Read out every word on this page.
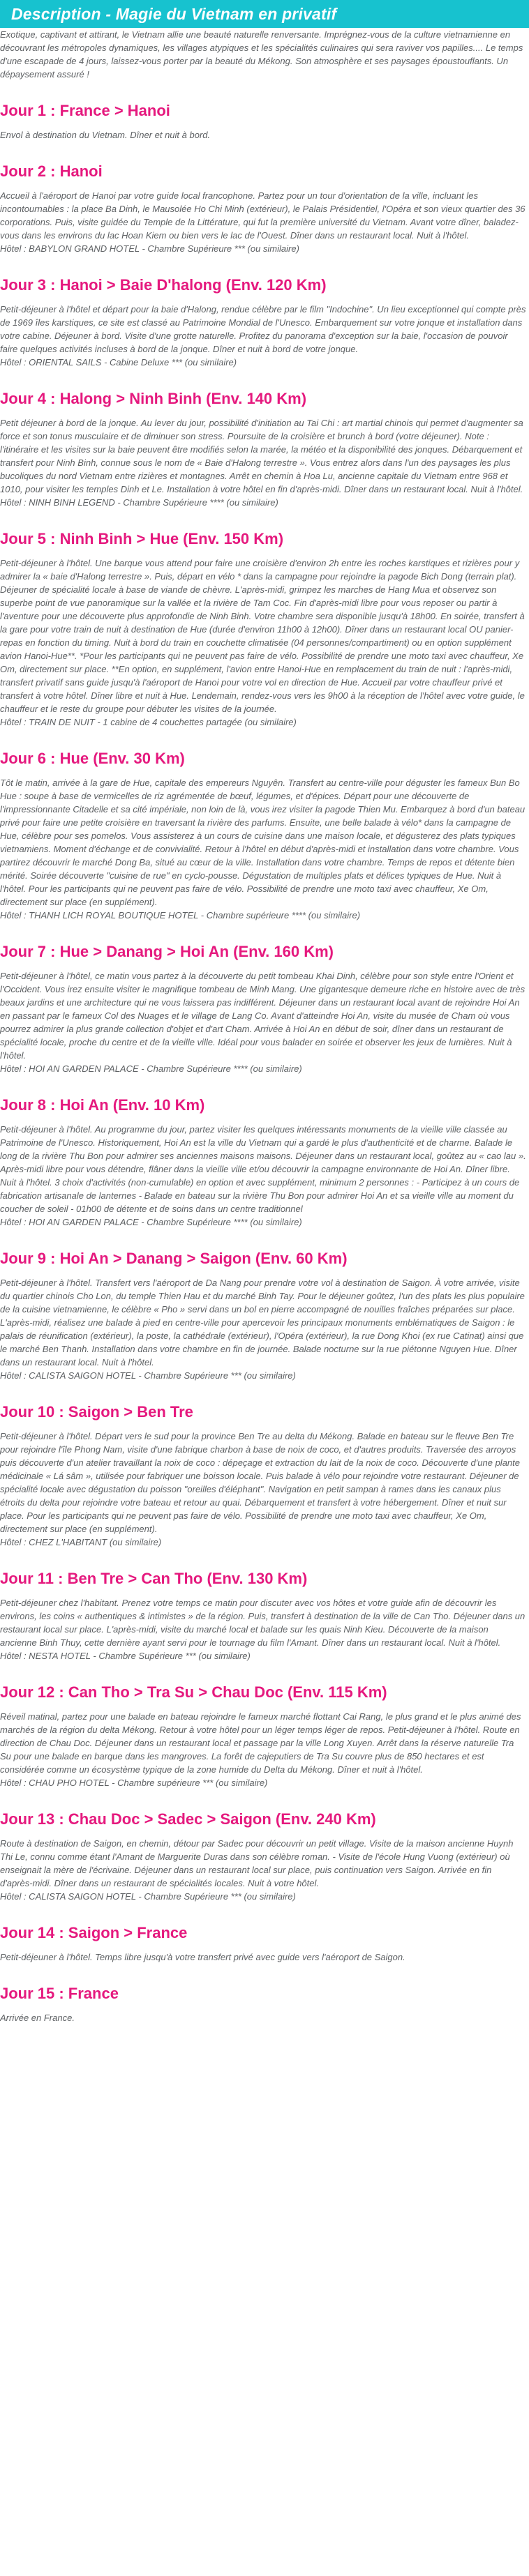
Description - Magie du Vietnam en privatif

Exotique, captivant et attirant, le Vietnam allie une beauté naturelle renversante. Imprégnez-vous de la culture vietnamienne en découvrant les métropoles dynamiques, les villages atypiques et les spécialités culinaires qui sera raviver vos papilles.... Le temps d'une escapade de 4 jours, laissez-vous porter par la beauté du Mékong. Son atmosphère et ses paysages époustouflants. Un dépaysement assuré !

Jour 1 : France > Hanoi

Envol à destination du Vietnam. Dîner et nuit à bord.

Jour 2 : Hanoi

Accueil à l'aéroport de Hanoi par votre guide local francophone. Partez pour un tour d'orientation de la ville, incluant les incontournables : la place Ba Dinh, le Mausolée Ho Chi Minh (extérieur), le Palais Présidentiel, l'Opéra et son vieux quartier des 36 corporations. Puis, visite guidée du Temple de la Littérature, qui fut la première université du Vietnam. Avant votre dîner, baladez-vous dans les environs du lac Hoan Kiem ou bien vers le lac de l'Ouest. Dîner dans un restaurant local. Nuit à l'hôtel.
Hôtel : BABYLON GRAND HOTEL - Chambre Supérieure *** (ou similaire)

Jour 3 : Hanoi > Baie D'halong (Env. 120 Km)

Petit-déjeuner à l'hôtel et départ pour la baie d'Halong, rendue célèbre par le film "Indochine". Un lieu exceptionnel qui compte près de 1969 îles karstiques, ce site est classé au Patrimoine Mondial de l'Unesco. Embarquement sur votre jonque et installation dans votre cabine. Déjeuner à bord. Visite d'une grotte naturelle. Profitez du panorama d'exception sur la baie, l'occasion de pouvoir faire quelques activités incluses à bord de la jonque. Dîner et nuit à bord de votre jonque.
Hôtel : ORIENTAL SAILS - Cabine Deluxe *** (ou similaire)

Jour 4 : Halong > Ninh Binh (Env. 140 Km)

Petit déjeuner à bord de la jonque. Au lever du jour, possibilité d'initiation au Tai Chi : art martial chinois qui permet d'augmenter sa force et son tonus musculaire et de diminuer son stress. Poursuite de la croisière et brunch à bord (votre déjeuner). Note : l'itinéraire et les visites sur la baie peuvent être modifiés selon la marée, la météo et la disponibilité des jonques. Débarquement et transfert pour Ninh Binh, connue sous le nom de « Baie d'Halong terrestre ». Vous entrez alors dans l'un des paysages les plus bucoliques du nord Vietnam entre rizières et montagnes. Arrêt en chemin à Hoa Lu, ancienne capitale du Vietnam entre 968 et 1010, pour visiter les temples Dinh et Le. Installation à votre hôtel en fin d'après-midi. Dîner dans un restaurant local. Nuit à l'hôtel.
Hôtel : NINH BINH LEGEND - Chambre Supérieure **** (ou similaire)

Jour 5 : Ninh Binh > Hue (Env. 150 Km)

Petit-déjeuner à l'hôtel. Une barque vous attend pour faire une croisière d'environ 2h entre les roches karstiques et rizières pour y admirer la « baie d'Halong terrestre ». Puis, départ en vélo * dans la campagne pour rejoindre la pagode Bich Dong (terrain plat). Déjeuner de spécialité locale à base de viande de chèvre. L'après-midi, grimpez les marches de Hang Mua et observez son superbe point de vue panoramique sur la vallée et la rivière de Tam Coc. Fin d'après-midi libre pour vous reposer ou partir à l'aventure pour une découverte plus approfondie de Ninh Binh. Votre chambre sera disponible jusqu'à 18h00. En soirée, transfert à la gare pour votre train de nuit à destination de Hue (durée d'environ 11h00 à 12h00). Dîner dans un restaurant local OU panier-repas en fonction du timing. Nuit à bord du train en couchette climatisée (04 personnes/compartiment) ou en option supplément avion Hanoi-Hue**. *Pour les participants qui ne peuvent pas faire de vélo. Possibilité de prendre une moto taxi avec chauffeur, Xe Om, directement sur place. **En option, en supplément, l'avion entre Hanoi-Hue en remplacement du train de nuit : l'après-midi, transfert privatif sans guide jusqu'à l'aéroport de Hanoi pour votre vol en direction de Hue. Accueil par votre chauffeur privé et transfert à votre hôtel. Dîner libre et nuit à Hue. Lendemain, rendez-vous vers les 9h00 à la réception de l'hôtel avec votre guide, le chauffeur et le reste du groupe pour débuter les visites de la journée.
Hôtel : TRAIN DE NUIT - 1 cabine de 4 couchettes partagée (ou similaire)

Jour 6 : Hue (Env. 30 Km)

Tôt le matin, arrivée à la gare de Hue, capitale des empereurs Nguyên. Transfert au centre-ville pour déguster les fameux Bun Bo Hue : soupe à base de vermicelles de riz agrémentée de bœuf, légumes, et d'épices. Départ pour une découverte de l'impressionnante Citadelle et sa cité impériale, non loin de là, vous irez visiter la pagode Thien Mu. Embarquez à bord d'un bateau privé pour faire une petite croisière en traversant la rivière des parfums. Ensuite, une belle balade à vélo* dans la campagne de Hue, célèbre pour ses pomelos. Vous assisterez à un cours de cuisine dans une maison locale, et dégusterez des plats typiques vietnamiens. Moment d'échange et de convivialité. Retour à l'hôtel en début d'après-midi et installation dans votre chambre. Vous partirez découvrir le marché Dong Ba, situé au cœur de la ville. Installation dans votre chambre. Temps de repos et détente bien mérité. Soirée découverte "cuisine de rue" en cyclo-pousse. Dégustation de multiples plats et délices typiques de Hue. Nuit à l'hôtel. Pour les participants qui ne peuvent pas faire de vélo. Possibilité de prendre une moto taxi avec chauffeur, Xe Om, directement sur place (en supplément).
Hôtel : THANH LICH ROYAL BOUTIQUE HOTEL - Chambre supérieure **** (ou similaire)

Jour 7 : Hue > Danang > Hoi An (Env. 160 Km)

Petit-déjeuner à l'hôtel, ce matin vous partez à la découverte du petit tombeau Khai Dinh, célèbre pour son style entre l'Orient et l'Occident. Vous irez ensuite visiter le magnifique tombeau de Minh Mang. Une gigantesque demeure riche en histoire avec de très beaux jardins et une architecture qui ne vous laissera pas indifférent. Déjeuner dans un restaurant local avant de rejoindre Hoi An en passant par le fameux Col des Nuages et le village de Lang Co. Avant d'atteindre Hoi An, visite du musée de Cham où vous pourrez admirer la plus grande collection d'objet et d'art Cham. Arrivée à Hoi An en début de soir, dîner dans un restaurant de spécialité locale, proche du centre et de la vieille ville. Idéal pour vous balader en soirée et observer les jeux de lumières. Nuit à l'hôtel.
Hôtel : HOI AN GARDEN PALACE - Chambre Supérieure **** (ou similaire)

Jour 8 : Hoi An (Env. 10 Km)

Petit-déjeuner à l'hôtel. Au programme du jour, partez visiter les quelques intéressants monuments de la vieille ville classée au Patrimoine de l'Unesco. Historiquement, Hoi An est la ville du Vietnam qui a gardé le plus d'authenticité et de charme. Balade le long de la rivière Thu Bon pour admirer ses anciennes maisons maisons. Déjeuner dans un restaurant local, goûtez au « cao lau ». Après-midi libre pour vous détendre, flâner dans la vieille ville et/ou découvrir la campagne environnante de Hoi An. Dîner libre. Nuit à l'hôtel. 3 choix d'activités (non-cumulable) en option et avec supplément, minimum 2 personnes : - Participez à un cours de fabrication artisanale de lanternes - Balade en bateau sur la rivière Thu Bon pour admirer Hoi An et sa vieille ville au moment du coucher de soleil - 01h00 de détente et de soins dans un centre traditionnel
Hôtel : HOI AN GARDEN PALACE - Chambre Supérieure **** (ou similaire)

Jour 9 : Hoi An > Danang > Saigon (Env. 60 Km)

Petit-déjeuner à l'hôtel. Transfert vers l'aéroport de Da Nang pour prendre votre vol à destination de Saigon. À votre arrivée, visite du quartier chinois Cho Lon, du temple Thien Hau et du marché Binh Tay. Pour le déjeuner goûtez, l'un des plats les plus populaire de la cuisine vietnamienne, le célèbre « Pho » servi dans un bol en pierre accompagné de nouilles fraîches préparées sur place. L'après-midi, réalisez une balade à pied en centre-ville pour apercevoir les principaux monuments emblématiques de Saigon : le palais de réunification (extérieur), la poste, la cathédrale (extérieur), l'Opéra (extérieur), la rue Dong Khoi (ex rue Catinat) ainsi que le marché Ben Thanh. Installation dans votre chambre en fin de journée. Balade nocturne sur la rue piétonne Nguyen Hue. Dîner dans un restaurant local. Nuit à l'hôtel.
Hôtel : CALISTA SAIGON HOTEL - Chambre Supérieure *** (ou similaire)

Jour 10 : Saigon > Ben Tre

Petit-déjeuner à l'hôtel. Départ vers le sud pour la province Ben Tre au delta du Mékong. Balade en bateau sur le fleuve Ben Tre pour rejoindre l'île Phong Nam, visite d'une fabrique charbon à base de noix de coco, et d'autres produits. Traversée des arroyos puis découverte d'un atelier travaillant la noix de coco : dépeçage et extraction du lait de la noix de coco. Découverte d'une plante médicinale « Lá sâm », utilisée pour fabriquer une boisson locale. Puis balade à vélo pour rejoindre votre restaurant. Déjeuner de spécialité locale avec dégustation du poisson "oreilles d'éléphant". Navigation en petit sampan à rames dans les canaux plus étroits du delta pour rejoindre votre bateau et retour au quai. Débarquement et transfert à votre hébergement. Dîner et nuit sur place. Pour les participants qui ne peuvent pas faire de vélo. Possibilité de prendre une moto taxi avec chauffeur, Xe Om, directement sur place (en supplément).
Hôtel : CHEZ L'HABITANT (ou similaire)

Jour 11 : Ben Tre > Can Tho (Env. 130 Km)

Petit-déjeuner chez l'habitant. Prenez votre temps ce matin pour discuter avec vos hôtes et votre guide afin de découvrir les environs, les coins « authentiques & intimistes » de la région. Puis, transfert à destination de la ville de Can Tho. Déjeuner dans un restaurant local sur place. L'après-midi, visite du marché local et balade sur les quais Ninh Kieu. Découverte de la maison ancienne Binh Thuy, cette dernière ayant servi pour le tournage du film l'Amant. Dîner dans un restaurant local. Nuit à l'hôtel.
Hôtel : NESTA HOTEL - Chambre Supérieure *** (ou similaire)

Jour 12 : Can Tho > Tra Su > Chau Doc (Env. 115 Km)

Réveil matinal, partez pour une balade en bateau rejoindre le fameux marché flottant Cai Rang, le plus grand et le plus animé des marchés de la région du delta Mékong. Retour à votre hôtel pour un léger temps léger de repos. Petit-déjeuner à l'hôtel. Route en direction de Chau Doc. Déjeuner dans un restaurant local et passage par la ville Long Xuyen. Arrêt dans la réserve naturelle Tra Su pour une balade en barque dans les mangroves. La forêt de cajeputiers de Tra Su couvre plus de 850 hectares et est considérée comme un écosystème typique de la zone humide du Delta du Mékong. Dîner et nuit à l'hôtel.
Hôtel : CHAU PHO HOTEL - Chambre supérieure *** (ou similaire)

Jour 13 : Chau Doc > Sadec > Saigon (Env. 240 Km)

Route à destination de Saigon, en chemin, détour par Sadec pour découvrir un petit village. Visite de la maison ancienne Huynh Thi Le, connu comme étant l'Amant de Marguerite Duras dans son célèbre roman. - Visite de l'école Hung Vuong (extérieur) où enseignait la mère de l'écrivaine. Déjeuner dans un restaurant local sur place, puis continuation vers Saigon. Arrivée en fin d'après-midi. Dîner dans un restaurant de spécialités locales. Nuit à votre hôtel.
Hôtel : CALISTA SAIGON HOTEL - Chambre Supérieure *** (ou similaire)

Jour 14 : Saigon > France

Petit-déjeuner à l'hôtel. Temps libre jusqu'à votre transfert privé avec guide vers l'aéroport de Saigon.

Jour 15 : France

Arrivée en France.
